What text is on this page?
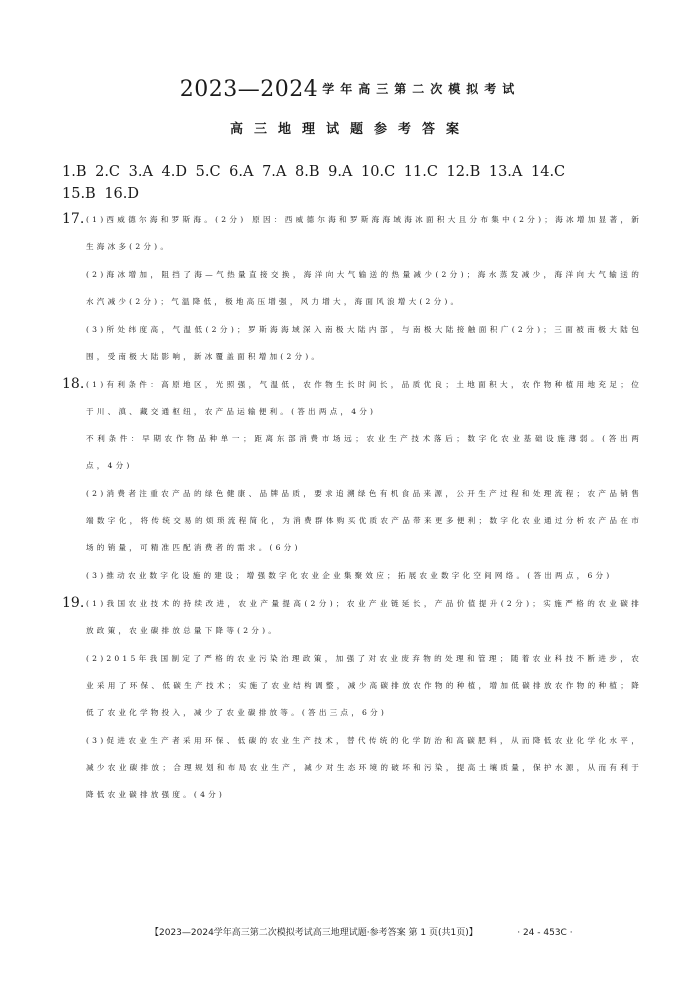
2023—2024 学年高三第二次模拟考试
高三地理试题参考答案

1.B 2.C 3.A 4.D 5.C 6.A 7.A 8.B 9.A 10.C 11.C 12.B 13.A 14.C

15.B 16.D

17. (1)西威德尔海和罗斯海。(2分) 原因：西威德尔海和罗斯海海域海冰面积大且分布集中(2分)；海冰增加显著，新生海冰多(2分)。

(2)海冰增加，阻挡了海—气热量直接交换，海洋向大气输送的热量减少(2分)；海水蒸发减少，海洋向大气输送的水汽减少(2分)；气温降低，极地高压增强，风力增大，海面风浪增大(2分)。

(3)所处纬度高，气温低(2分)；罗斯海海域深入南极大陆内部，与南极大陆接触面积广(2分)；三面被南极大陆包围，受南极大陆影响，新冰覆盖面积增加(2分)。

18. (1)有利条件：高原地区，光照强，气温低，农作物生长时间长，品质优良；土地面积大，农作物种植用地充足；位于川、滇、藏交通枢纽，农产品运输便利。(答出两点，4分)

不利条件：早期农作物品种单一；距离东部消费市场远；农业生产技术落后；数字化农业基础设施薄弱。(答出两点，4分)

(2)消费者注重农产品的绿色健康、品牌品质，要求追溯绿色有机食品来源，公开生产过程和处理流程；农产品销售端数字化，将传统交易的烦琐流程简化，为消费群体购买优质农产品带来更多便利；数字化农业通过分析农产品在市场的销量，可精准匹配消费者的需求。(6分)

(3)推动农业数字化设施的建设；增强数字化农业企业集聚效应；拓展农业数字化空间网络。(答出两点，6分)

19. (1)我国农业技术的持续改进，农业产量提高(2分)；农业产业链延长，产品价值提升(2分)；实施严格的农业碳排放政策，农业碳排放总量下降等(2分)。

(2)2015年我国制定了严格的农业污染治理政策，加强了对农业废弃物的处理和管理；随着农业科技不断进步，农业采用了环保、低碳生产技术；实施了农业结构调整，减少高碳排放农作物的种植，增加低碳排放农作物的种植；降低了农业化学物投入，减少了农业碳排放等。(答出三点，6分)

(3)促进农业生产者采用环保、低碳的农业生产技术，替代传统的化学防治和高碳肥料，从而降低农业化学化水平，减少农业碳排放；合理规划和布局农业生产，减少对生态环境的破坏和污染，提高土壤质量，保护水源，从而有利于降低农业碳排放强度。(4分)

【2023—2024学年高三第二次模拟考试高三地理试题·参考答案 第 1 页(共1页)】	· 24 - 453C ·
